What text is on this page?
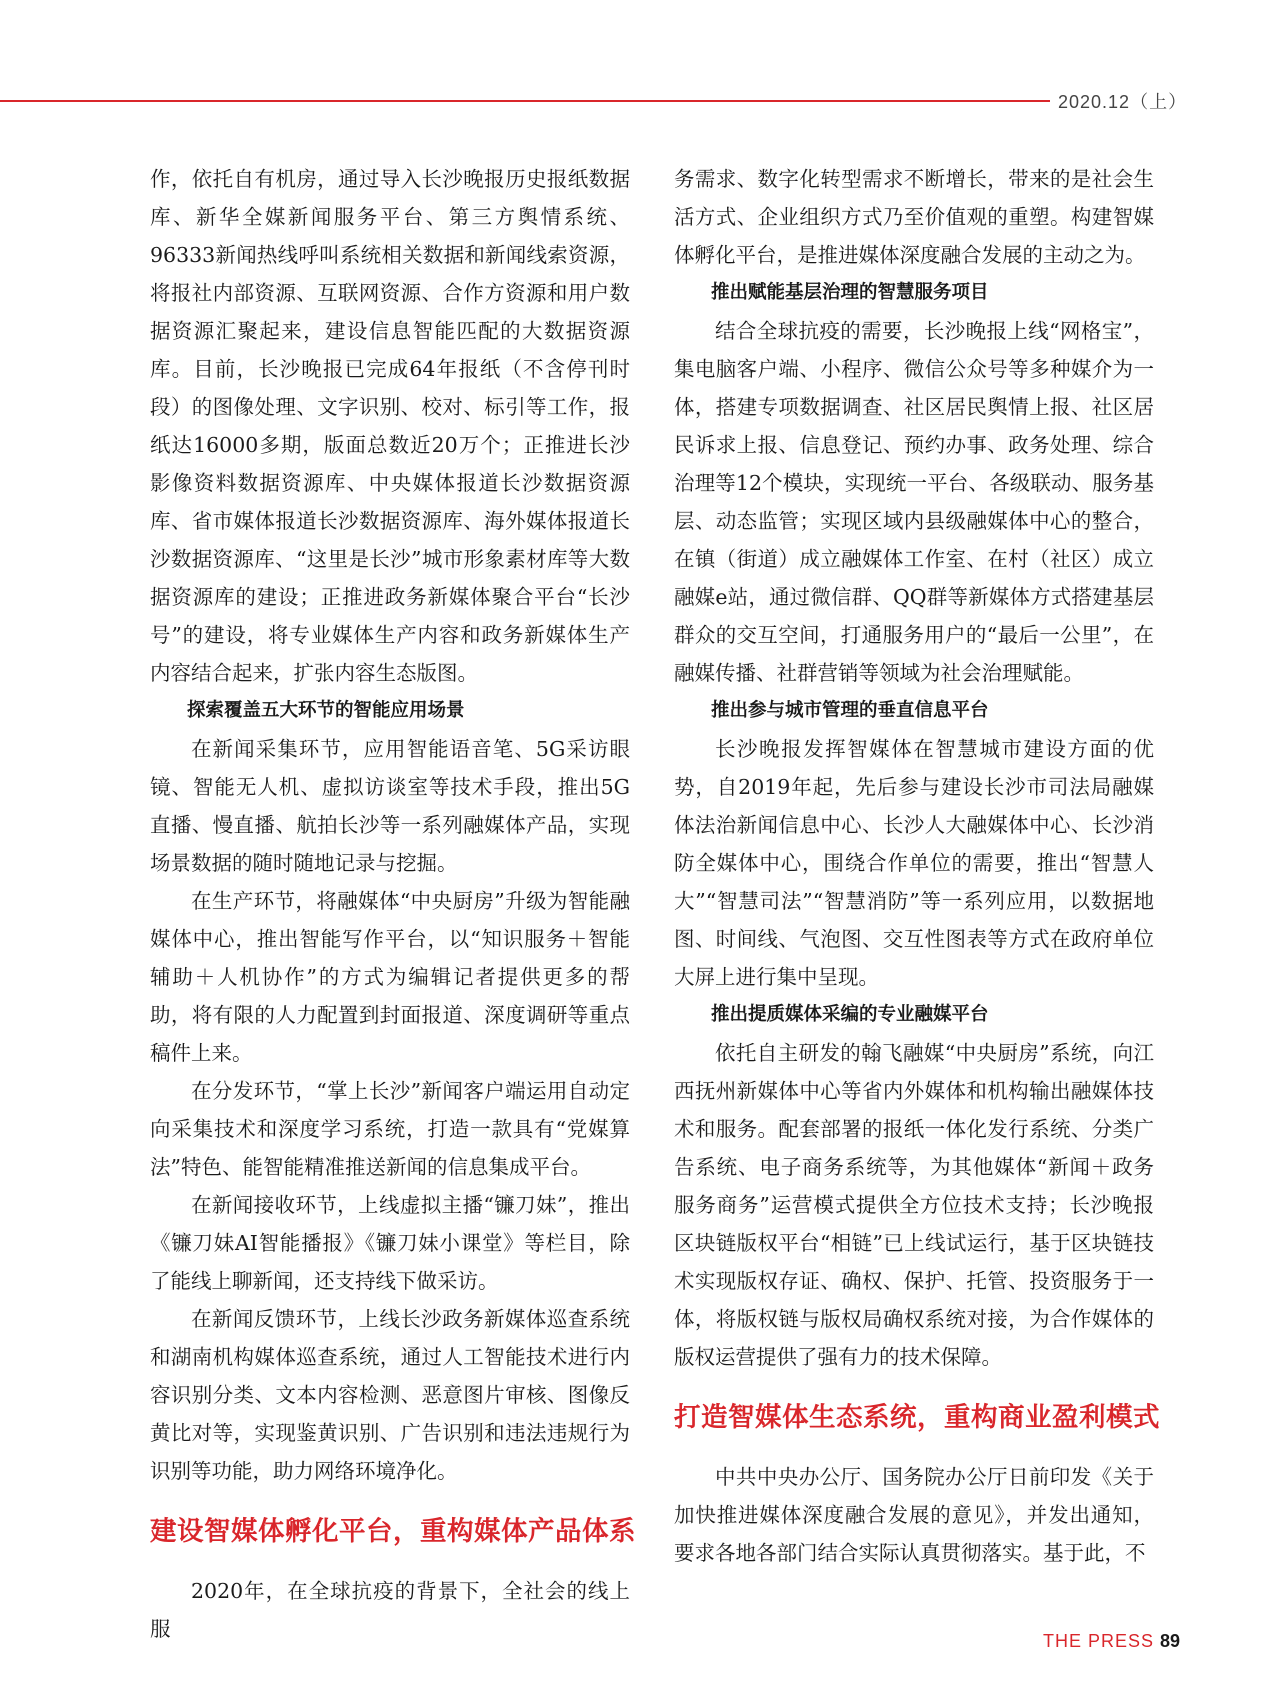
2020.12（上）

作，依托自有机房，通过导入长沙晚报历史报纸数据库、新华全媒新闻服务平台、第三方舆情系统、96333新闻热线呼叫系统相关数据和新闻线索资源，将报社内部资源、互联网资源、合作方资源和用户数据资源汇聚起来，建设信息智能匹配的大数据资源库。目前，长沙晚报已完成64年报纸（不含停刊时段）的图像处理、文字识别、校对、标引等工作，报纸达16000多期，版面总数近20万个；正推进长沙影像资料数据资源库、中央媒体报道长沙数据资源库、省市媒体报道长沙数据资源库、海外媒体报道长沙数据资源库、“这里是长沙”城市形象素材库等大数据资源库的建设；正推进政务新媒体聚合平台“长沙号”的建设，将专业媒体生产内容和政务新媒体生产内容结合起来，扩张内容生态版图。

探索覆盖五大环节的智能应用场景

在新闻采集环节，应用智能语音笔、5G采访眼镜、智能无人机、虚拟访谈室等技术手段，推出5G直播、慢直播、航拍长沙等一系列融媒体产品，实现场景数据的随时随地记录与挖掘。

在生产环节，将融媒体“中央厨房”升级为智能融媒体中心，推出智能写作平台，以“知识服务＋智能辅助＋人机协作”的方式为编辑记者提供更多的帮助，将有限的人力配置到封面报道、深度调研等重点稿件上来。

在分发环节，“掌上长沙”新闻客户端运用自动定向采集技术和深度学习系统，打造一款具有“党媒算法”特色、能智能精准推送新闻的信息集成平台。

在新闻接收环节，上线虚拟主播“镰刀妹”，推出《镰刀妹AI智能播报》《镰刀妹小课堂》等栏目，除了能线上聊新闻，还支持线下做采访。

在新闻反馈环节，上线长沙政务新媒体巡查系统和湖南机构媒体巡查系统，通过人工智能技术进行内容识别分类、文本内容检测、恶意图片审核、图像反黄比对等，实现鉴黄识别、广告识别和违法违规行为识别等功能，助力网络环境净化。

建设智媒体孵化平台，重构媒体产品体系

2020年，在全球抗疫的背景下，全社会的线上服

务需求、数字化转型需求不断增长，带来的是社会生活方式、企业组织方式乃至价值观的重塑。构建智媒体孵化平台，是推进媒体深度融合发展的主动之为。

推出赋能基层治理的智慧服务项目

结合全球抗疫的需要，长沙晚报上线“网格宝”，集电脑客户端、小程序、微信公众号等多种媒介为一体，搭建专项数据调查、社区居民舆情上报、社区居民诉求上报、信息登记、预约办事、政务处理、综合治理等12个模块，实现统一平台、各级联动、服务基层、动态监管；实现区域内县级融媒体中心的整合，在镇（街道）成立融媒体工作室、在村（社区）成立融媒e站，通过微信群、QQ群等新媒体方式搭建基层群众的交互空间，打通服务用户的“最后一公里”，在融媒传播、社群营销等领域为社会治理赋能。

推出参与城市管理的垂直信息平台

长沙晚报发挥智媒体在智慧城市建设方面的优势，自2019年起，先后参与建设长沙市司法局融媒体法治新闻信息中心、长沙人大融媒体中心、长沙消防全媒体中心，围绕合作单位的需要，推出“智慧人大”“智慧司法”“智慧消防”等一系列应用，以数据地图、时间线、气泡图、交互性图表等方式在政府单位大屏上进行集中呈现。

推出提质媒体采编的专业融媒平台

依托自主研发的翰飞融媒“中央厨房”系统，向江西抚州新媒体中心等省内外媒体和机构输出融媒体技术和服务。配套部署的报纸一体化发行系统、分类广告系统、电子商务系统等，为其他媒体“新闻＋政务服务商务”运营模式提供全方位技术支持；长沙晚报区块链版权平台“相链”已上线试运行，基于区块链技术实现版权存证、确权、保护、托管、投资服务于一体，将版权链与版权局确权系统对接，为合作媒体的版权运营提供了强有力的技术保障。

打造智媒体生态系统，重构商业盈利模式

中共中央办公厅、国务院办公厅日前印发《关于加快推进媒体深度融合发展的意见》，并发出通知，要求各地各部门结合实际认真贯彻落实。基于此，不

THE PRESS 89
